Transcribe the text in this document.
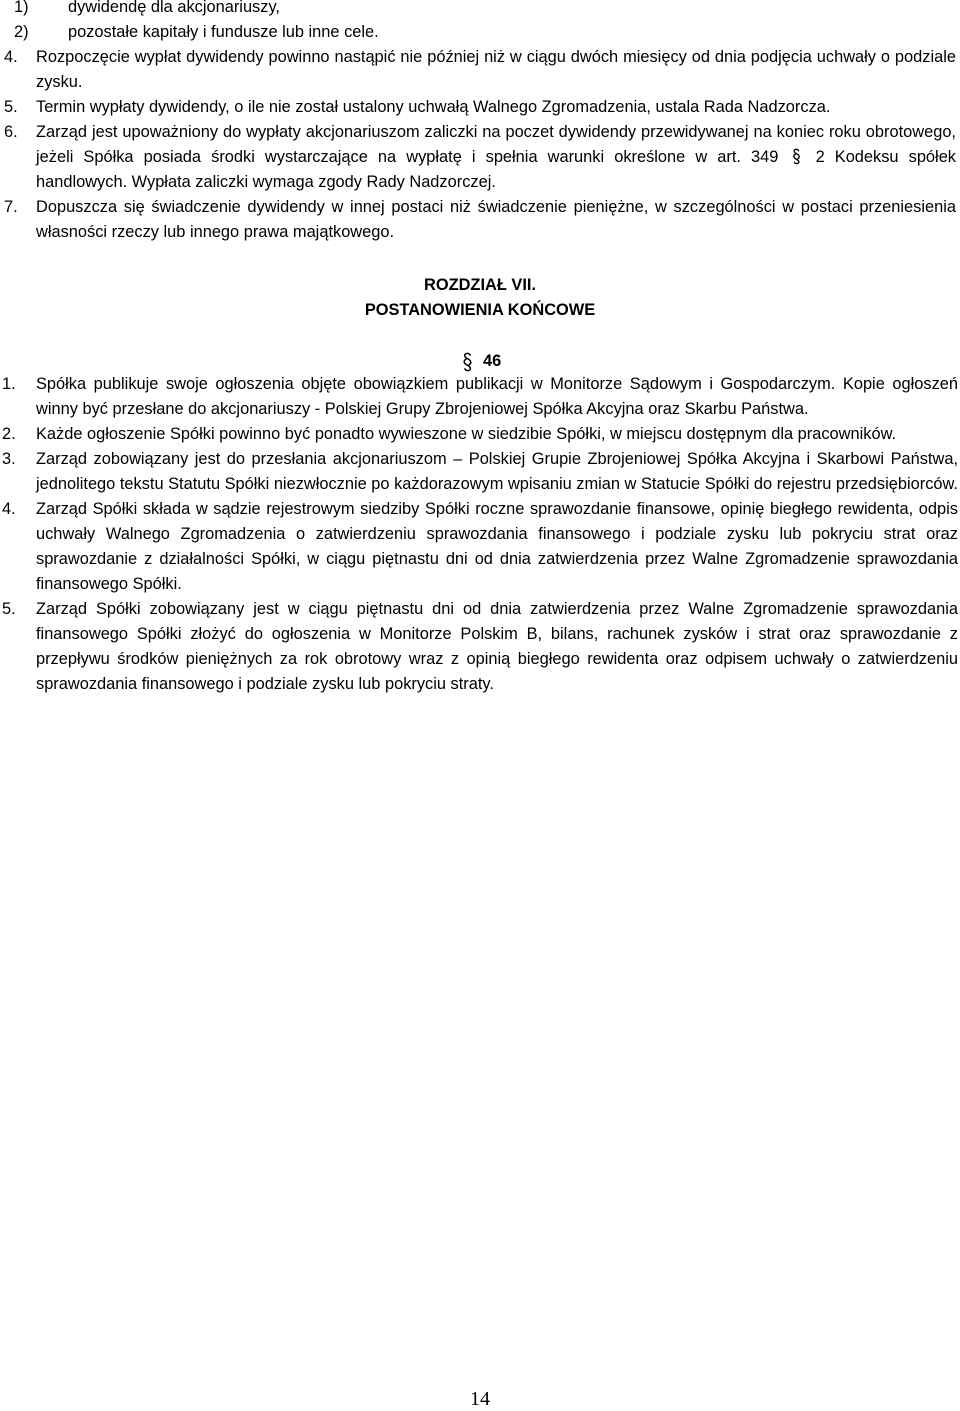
1) dywidendę dla akcjonariuszy,

2) pozostałe kapitały i fundusze lub inne cele.

4. Rozpoczęcie wypłat dywidendy powinno nastąpić nie później niż w ciągu dwóch miesięcy od dnia podjęcia uchwały o podziale zysku.

5. Termin wypłaty dywidendy, o ile nie został ustalony uchwałą Walnego Zgromadzenia, ustala Rada Nadzorcza.

6. Zarząd jest upoważniony do wypłaty akcjonariuszom zaliczki na poczet dywidendy przewidywanej na koniec roku obrotowego, jeżeli Spółka posiada środki wystarczające na wypłatę i spełnia warunki określone w art. 349 2 Kodeksu spółek handlowych. Wypłata zaliczki wymaga zgody Rady Nadzorczej.

7. Dopuszcza się świadczenie dywidendy w innej postaci niż świadczenie pieniężne, w szczególności w postaci przeniesienia własności rzeczy lub innego prawa majątkowego.

ROZDZIAŁ VII.
POSTANOWIENIA KOŃCOWE
46

1. Spółka publikuje swoje ogłoszenia objęte obowiązkiem publikacji w Monitorze Sądowym i Gospodarczym. Kopie ogłoszeń winny być przesłane do akcjonariuszy - Polskiej Grupy Zbrojeniowej Spółka Akcyjna oraz Skarbu Państwa.

2. Każde ogłoszenie Spółki powinno być ponadto wywieszone w siedzibie Spółki, w miejscu dostępnym dla pracowników.

3. Zarząd zobowiązany jest do przesłania akcjonariuszom – Polskiej Grupie Zbrojeniowej Spółka Akcyjna i Skarbowi Państwa, jednolitego tekstu Statutu Spółki niezwłocznie po każdorazowym wpisaniu zmian w Statucie Spółki do rejestru przedsiębiorców.

4. Zarząd Spółki składa w sądzie rejestrowym siedziby Spółki roczne sprawozdanie finansowe, opinię biegłego rewidenta, odpis uchwały Walnego Zgromadzenia o zatwierdzeniu sprawozdania finansowego i podziale zysku lub pokryciu strat oraz sprawozdanie z działalności Spółki, w ciągu piętnastu dni od dnia zatwierdzenia przez Walne Zgromadzenie sprawozdania finansowego Spółki.

5. Zarząd Spółki zobowiązany jest w ciągu piętnastu dni od dnia zatwierdzenia przez Walne Zgromadzenie sprawozdania finansowego Spółki złożyć do ogłoszenia w Monitorze Polskim B, bilans, rachunek zysków i strat oraz sprawozdanie z przepływu środków pieniężnych za rok obrotowy wraz z opinią biegłego rewidenta oraz odpisem uchwały o zatwierdzeniu sprawozdania finansowego i podziale zysku lub pokryciu straty.

14
